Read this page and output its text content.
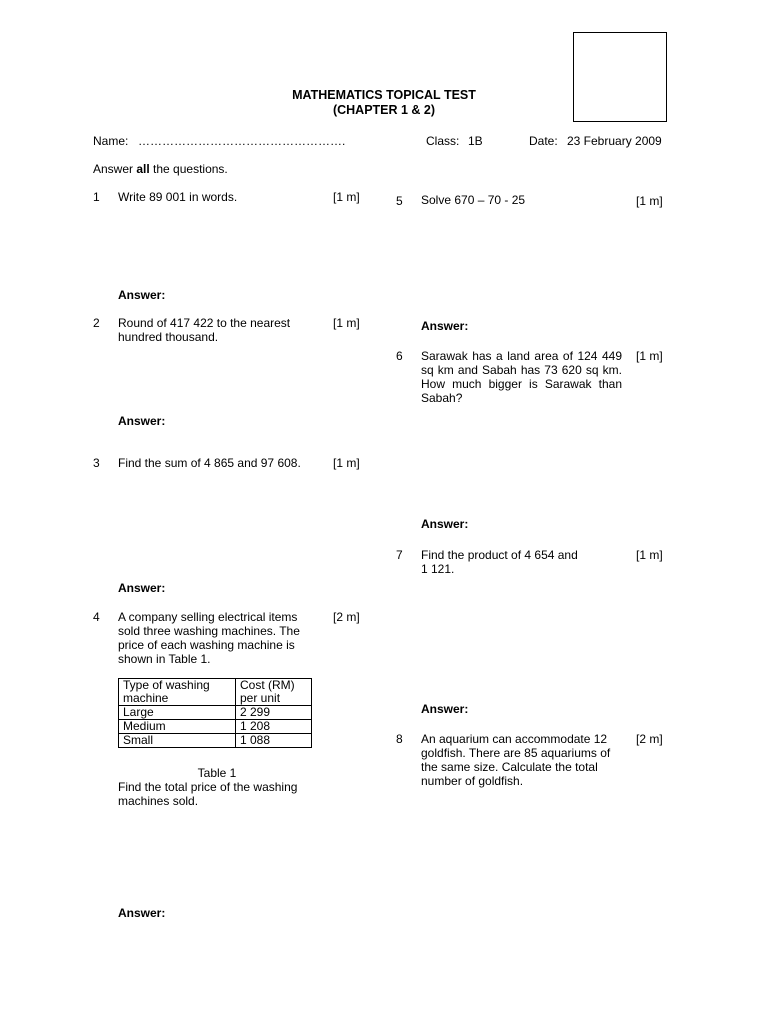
MATHEMATICS TOPICAL TEST
(CHAPTER 1 & 2)
Name: …………………………………………….	Class: 1B	Date: 23 February 2009
Answer all the questions.
1 Write 89 001 in words.	[1 m]
Answer:
2 Round of 417 422 to the nearest hundred thousand.
[1 m]
Answer:
3 Find the sum of 4 865 and 97 608.	[1 m]
Answer:
4 A company selling electrical items sold three washing machines. The price of each washing machine is shown in Table 1.
[2 m]
Type of washing machine	Cost (RM) per unit
Large	2 299
Medium	1 208
Small	1 088
Table 1
Find the total price of the washing machines sold.
Answer:
5 Solve 670 – 70 - 25	[1 m]
Answer:
6 Sarawak has a land area of 124 449 sq km and Sabah has 73 620 sq km. How much bigger is Sarawak than Sabah?
[1 m]
Answer:
7 Find the product of 4 654 and
1 121.
[1 m]
Answer:
8 An aquarium can accommodate 12 goldfish. There are 85 aquariums of the same size. Calculate the total number of goldfish.
[2 m]
